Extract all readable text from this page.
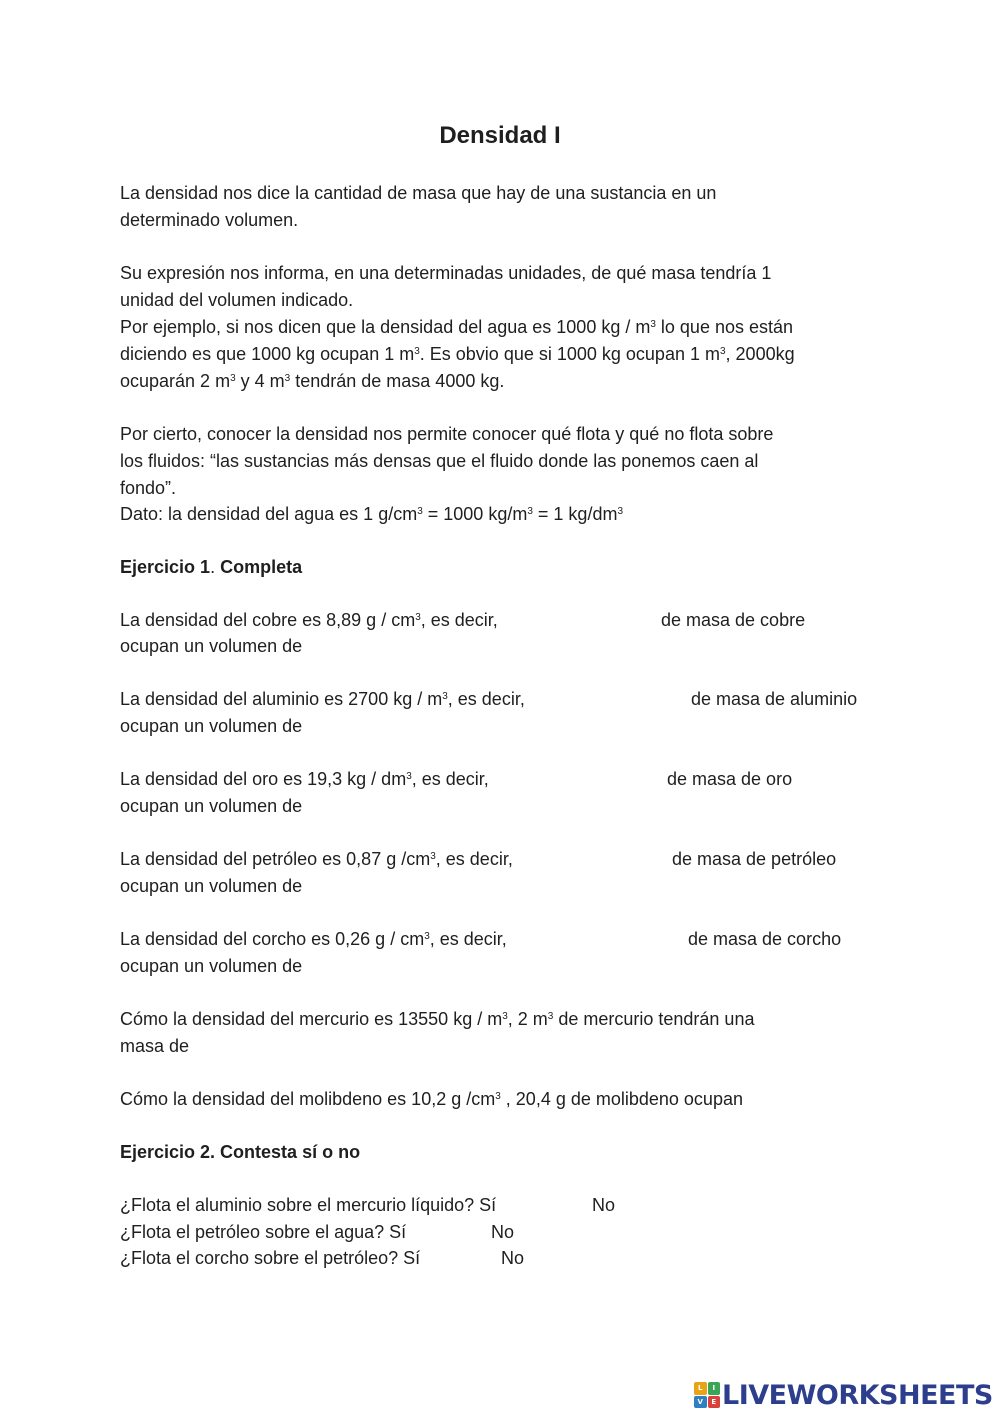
Densidad I
La densidad nos dice la cantidad de masa que hay de una sustancia en un
determinado volumen.
Su expresión nos informa, en una determinadas unidades, de qué masa tendría 1
unidad del volumen indicado.
Por ejemplo, si nos dicen que la densidad del agua es 1000 kg / $m^3$ lo que nos están
diciendo es que 1000 kg ocupan 1 $m^3$. Es obvio que si 1000 kg ocupan 1 $m^3$, 2000kg
ocuparán 2 $m^3$ y 4 $m^3$ tendrán de masa 4000 kg.
Por cierto, conocer la densidad nos permite conocer qué flota y qué no flota sobre
los fluidos: “las sustancias más densas que el fluido donde las ponemos caen al
fondo”.
Dato: la densidad del agua es 1 $g/cm^3 = 1000$ $kg/m^3 = 1$ $kg/dm^3$
Ejercicio 1. Completa
La densidad del cobre es 8,89 g / $cm^3$, es decir,	de masa de cobre
ocupan un volumen de
La densidad del aluminio es 2700 kg / $m^3$, es decir,	de masa de aluminio
ocupan un volumen de
La densidad del oro es 19,3 kg / $dm^3$, es decir,	de masa de oro
ocupan un volumen de
La densidad del petróleo es 0,87 g $/cm^3$, es decir,	de masa de petróleo
ocupan un volumen de
La densidad del corcho es 0,26 g / $cm^3$, es decir,	de masa de corcho
ocupan un volumen de
Cómo la densidad del mercurio es 13550 kg / $m^3$, 2 $m^3$ de mercurio tendrán una
masa de
Cómo la densidad del molibdeno es 10,2 g $/cm^3$ , 20,4 g de molibdeno ocupan
Ejercicio 2. Contesta sí o no
¿Flota el aluminio sobre el mercurio líquido? Sí	No
¿Flota el petróleo sobre el agua? Sí	No
¿Flota el corcho sobre el petróleo? Sí	No
L	I
V	E LIVEWORKSHEETS
